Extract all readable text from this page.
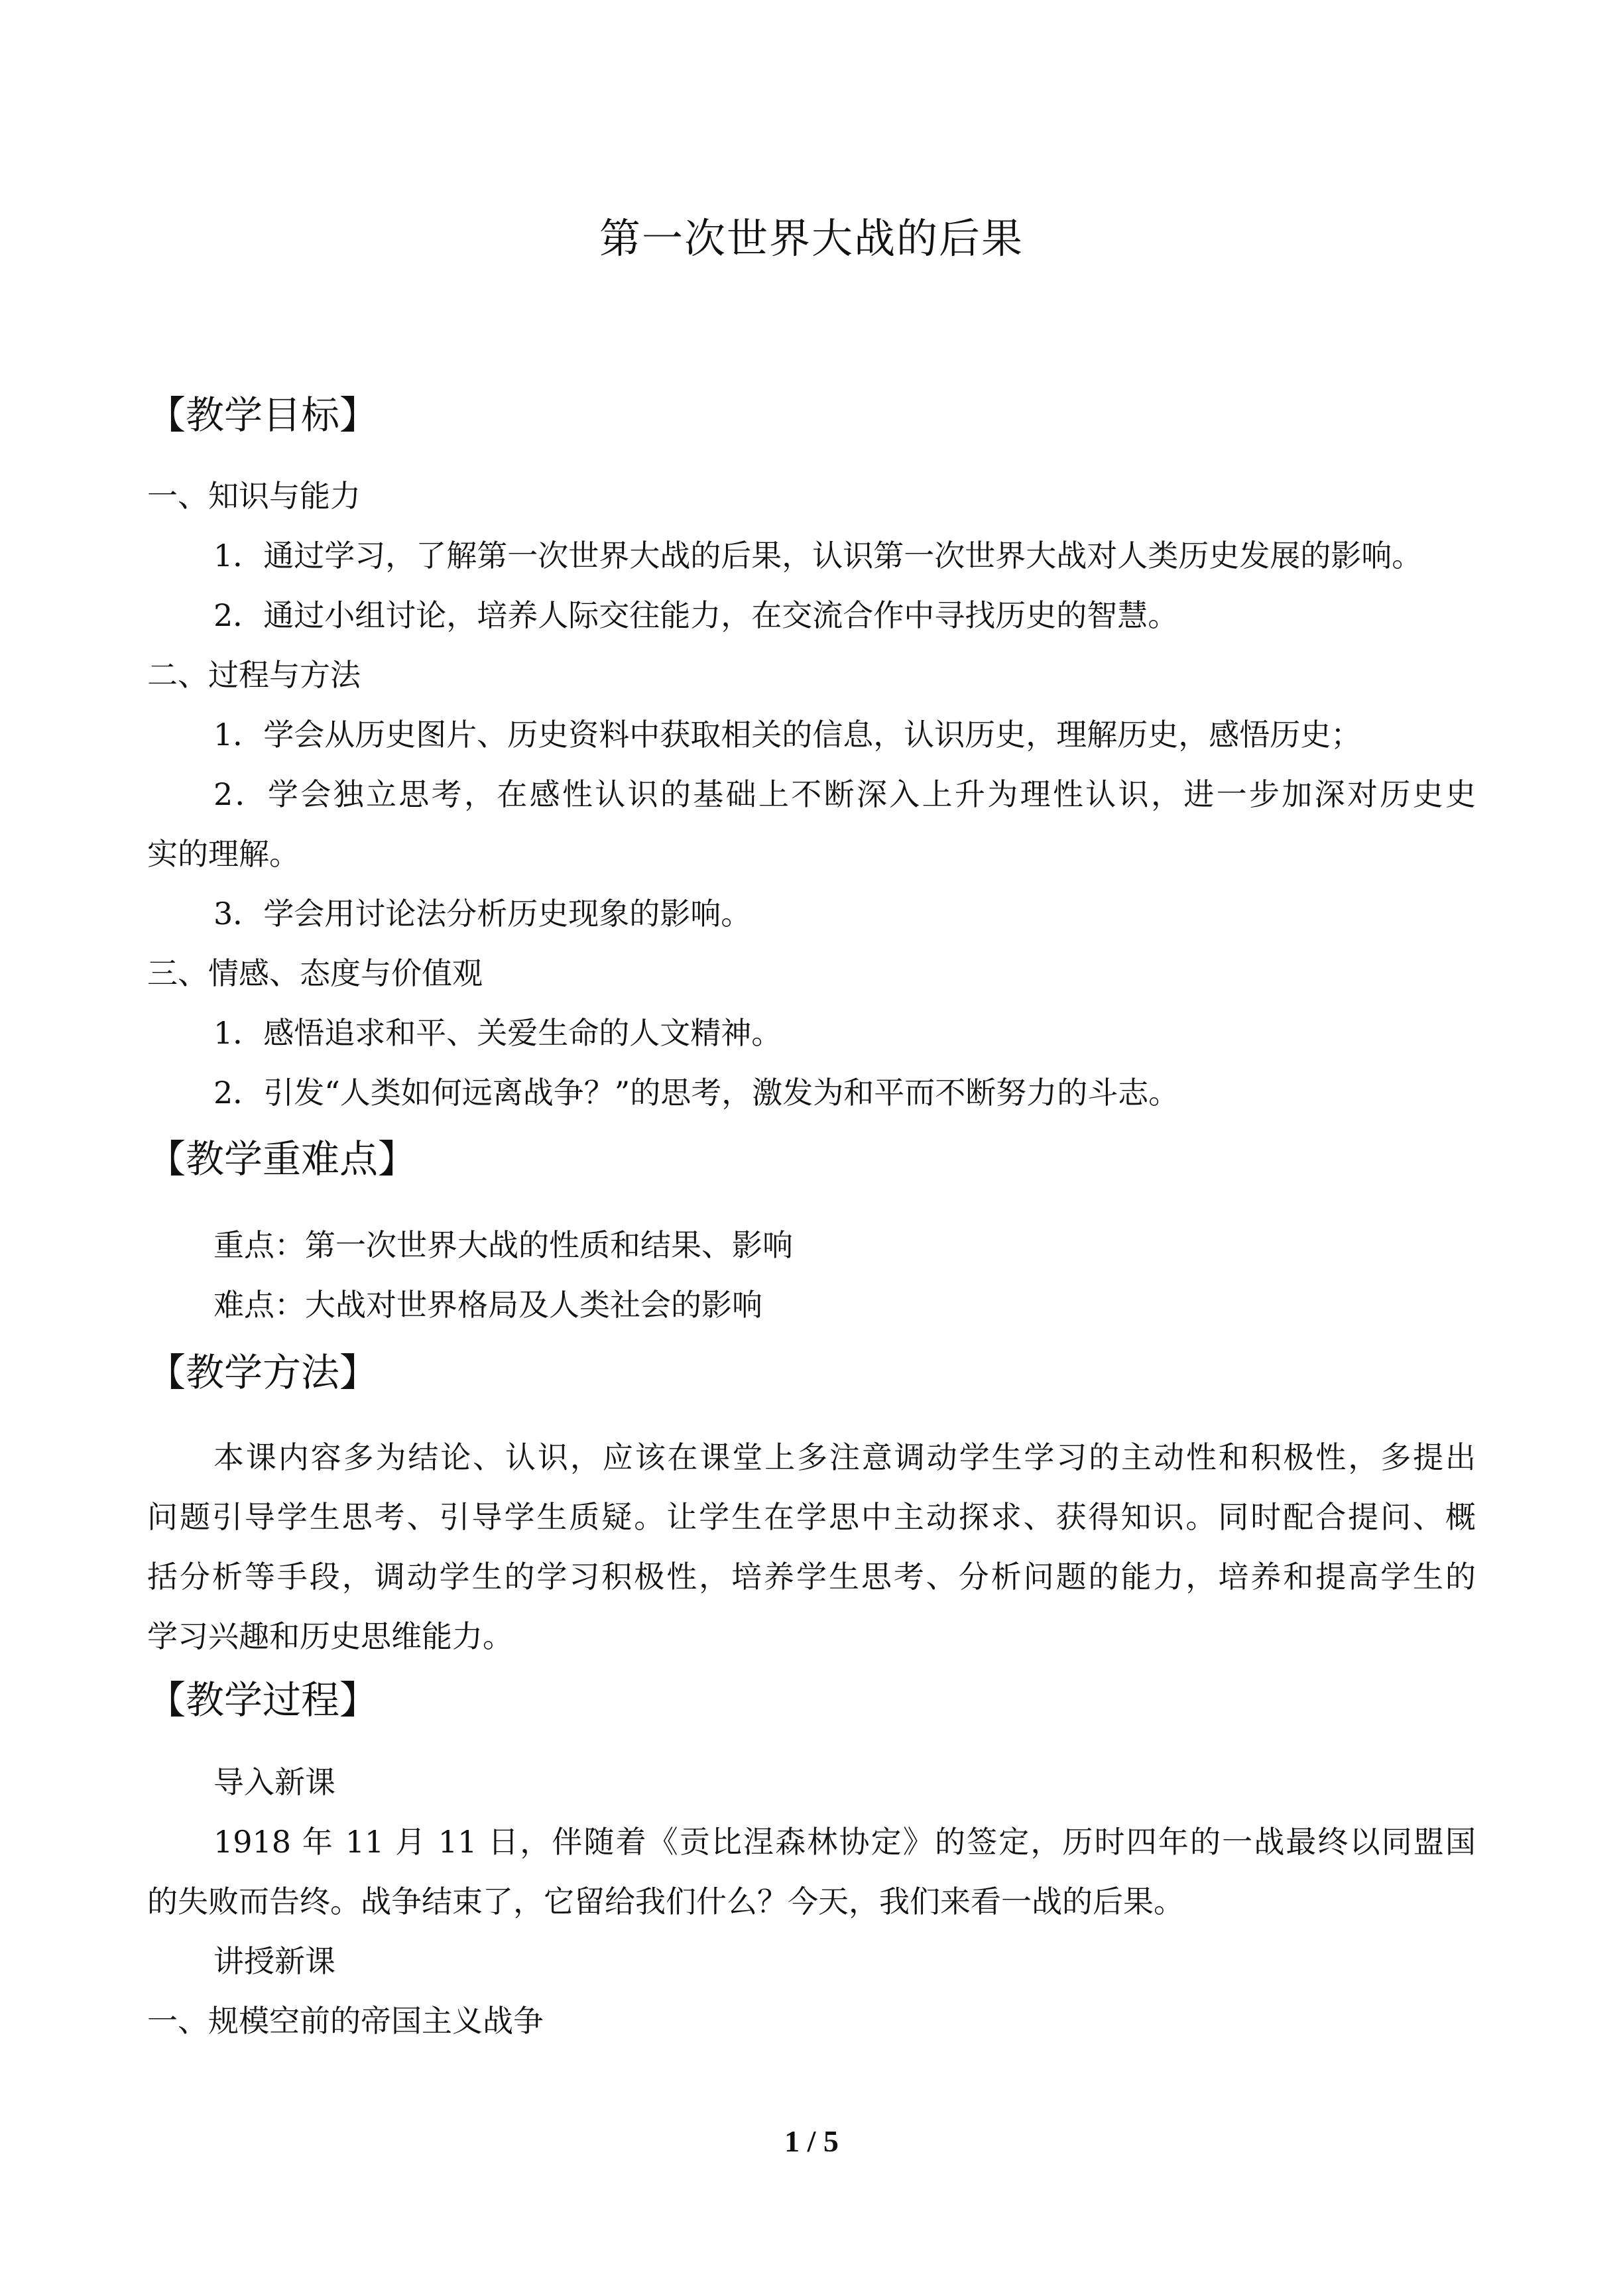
第一次世界大战的后果
【教学目标】
一、知识与能力
1．通过学习，了解第一次世界大战的后果，认识第一次世界大战对人类历史发展的影响。
2．通过小组讨论，培养人际交往能力，在交流合作中寻找历史的智慧。
二、过程与方法
1．学会从历史图片、历史资料中获取相关的信息，认识历史，理解历史，感悟历史；
2．学会独立思考，在感性认识的基础上不断深入上升为理性认识，进一步加深对历史史
实的理解。
3．学会用讨论法分析历史现象的影响。
三、情感、态度与价值观
1．感悟追求和平、关爱生命的人文精神。
2．引发“人类如何远离战争？”的思考，激发为和平而不断努力的斗志。
【教学重难点】
重点：第一次世界大战的性质和结果、影响
难点：大战对世界格局及人类社会的影响
【教学方法】
本课内容多为结论、认识，应该在课堂上多注意调动学生学习的主动性和积极性，多提出
问题引导学生思考、引导学生质疑。让学生在学思中主动探求、获得知识。同时配合提问、概
括分析等手段，调动学生的学习积极性，培养学生思考、分析问题的能力，培养和提高学生的
学习兴趣和历史思维能力。
【教学过程】
导入新课
1918 年 11 月 11 日，伴随着《贡比涅森林协定》的签定，历时四年的一战最终以同盟国
的失败而告终。战争结束了，它留给我们什么？今天，我们来看一战的后果。
讲授新课
一、规模空前的帝国主义战争
1 / 5
